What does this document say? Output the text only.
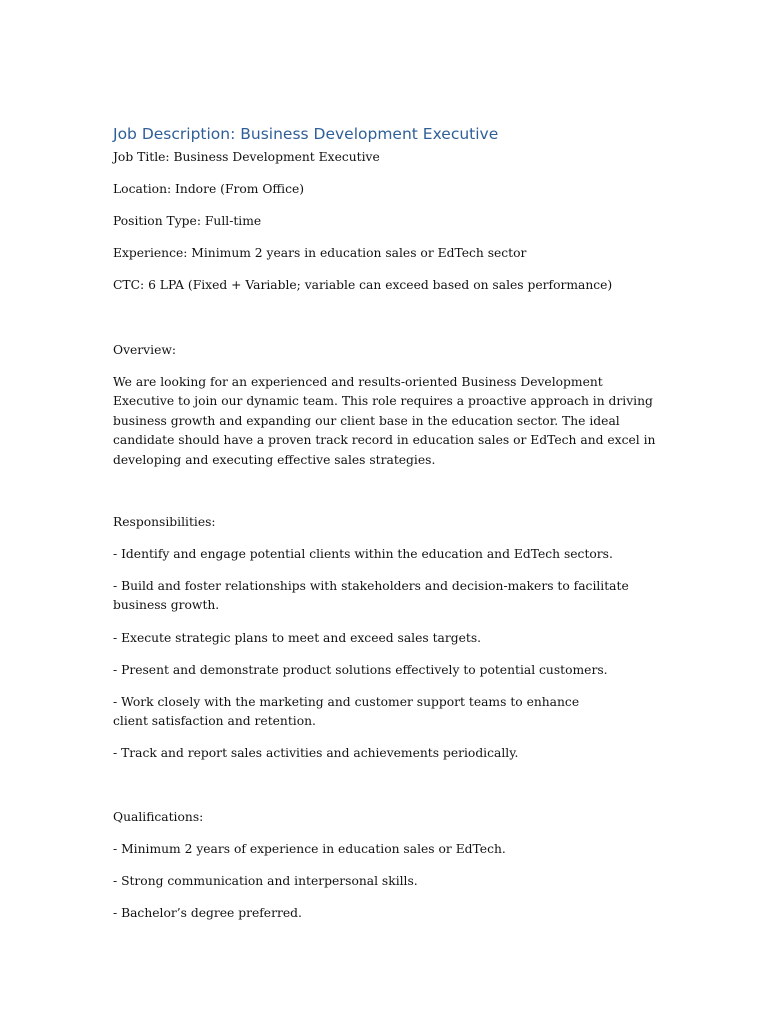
Job Description: Business Development Executive

Job Title: Business Development Executive

Location: Indore (From Office)

Position Type: Full-time

Experience: Minimum 2 years in education sales or EdTech sector

CTC: 6 LPA (Fixed + Variable; variable can exceed based on sales performance)

Overview:

We are looking for an experienced and results-oriented Business Development Executive to join our dynamic team. This role requires a proactive approach in driving business growth and expanding our client base in the education sector. The ideal candidate should have a proven track record in education sales or EdTech and excel in developing and executing effective sales strategies.

Responsibilities:

- Identify and engage potential clients within the education and EdTech sectors.

- Build and foster relationships with stakeholders and decision-makers to facilitate business growth.

- Execute strategic plans to meet and exceed sales targets.

- Present and demonstrate product solutions effectively to potential customers.

- Work closely with the marketing and customer support teams to enhance client satisfaction and retention.

- Track and report sales activities and achievements periodically.

Qualifications:

- Minimum 2 years of experience in education sales or EdTech.

- Strong communication and interpersonal skills.

- Bachelor’s degree preferred.
